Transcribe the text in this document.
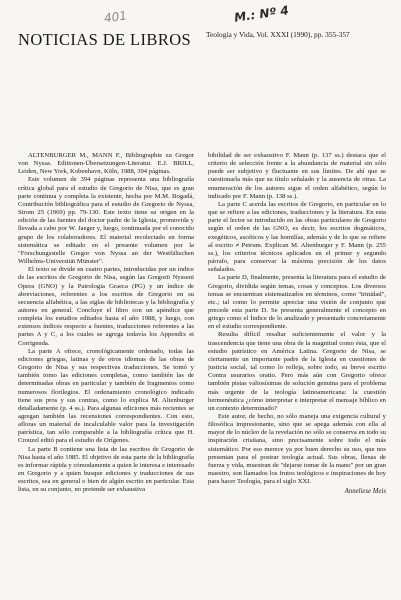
401	M.: Nº 4
NOTICIAS DE LIBROS Teología y Vida, Vol. XXXI (1990), pp. 355-357

ALTENBURGER M., MANN F., Bibliographie zu Gregor von Nyssa. Editionen-Übersetzungen-Literatur. E.J. BRILL, Leiden, New York, Kobenhavn, Köln, 1988, 394 páginas.

Este volumen de 394 páginas representa una bibliografía crítica global para el estudio de Gregorio de Nisa, que es gran parte continua y completa la existente, hecha por M.M. Bogadá, Contribución bibliográfica para el estudio de Gregorio de Nyssa, Strom 25 (1969) pp. 79-130. Este texto tiene su origen en la edición de las fuentes del doctor padre de la Iglesia, promovida y llevada a cabo por W. Jaeger y, luego, continuada por el conocido grupo de los colaboradores. El material recolectado en forma sistemática se editado en el presente volumen por la "Forschungsstelle Gregor von Nyssa an der Westfälischen Wilhelms-Universität Münster".

El texto se divide en cuatro partes, introducidas por un índice de las escritos de Gregorio de Nisa, según las Gregorii Nysseni Opera (GNO) y la Patrologia Graeca (PG) y un índice de abreviaciones, referentes a los escritos de Gregorio en su secuencia alfabética, a las siglas de bibliotecas y la bibliografía y autores en general. Concluye el libro con un apéndice que completa los estudios editados hasta el año 1988, y luego, con extensos índices respecto a fuentes, traducciones referentes a las partes A y C, a los cuales se agrega todavía los Appendix et Corrigenda.

La parte A ofrece, cronológicamente ordenado, todas las ediciones griegas, latinas y de otros idiomas de las obras de Gregorio de Nisa y sus respectivas traducciones. Se tomó y también tomo las ediciones completas, como también las de determinadas obras en particular y también de fragmentos como numerosos florilegios. El ordenamiento cronológico indicado tiene sus pros y sus contras, como lo explica M. Altenburger detalladamente (p. 4 ss.). Para algunas ediciones más recientes se agregan también las recensiones correspondientes. Con esto, afloras un material de incalculable valor para la investigación patrística, tan sólo comparable a la bibliografía crítica que H. Crouzel editó para el estudio de Orígenes.

La parte B contiene una lista de las escritos de Gregorio de Nisa hasta el año 1985. El objetivo de esta parte de la bibliografía es informar rápida y cómodamente a quien le interesa e interesado en Gregorio y a quien busque ediciones y traducciones de sus escritos, sea en general o bien de algún escrito en particular. Esta lista, en su conjunto, no pretende ser exhaustiva

bibilidad de ser exhaustivo F. Mann (p. 137 ss.) destaca que el criterio de selección frente a la abundancia de material sin sólo puede ser subjetivo y fluctuante en sus límites. De ahí que se cuestionarla más que su título señalado y la ausencia de otras. La enumeración de los autores sigue el orden alfabético, según lo indicado por F. Mann (p. 138 ss.).

La parte C acerda las escritos de Gregorio, en particular en lo que se refiere a las ediciones, traducciones y la literatura. En esta parte el lector se introducido en las obras particulares de Gregorio según el orden de las GNO, es decir, los escritos dogmáticos, exegéticos, ascéticos y las homilías, además y de lo que se refiere al escrito ≠ Petrum. Explican M. Altenburger y F. Mann (p. 255 ss.), los criterios técnicos aplicados en el primer y segundo párrafo, para conservar la máxima precisión de los datos señalados.

La parte D, finalmente, presenta la literatura para el estudio de Gregorio, dividida según temas, cosas y conceptos. Los diversos temas se encuentran sistematizados en términos, como "trinidad", etc.; tal como lo permite apreciar una visión de conjunto que precede esta parte D. Se presenta generalmente el concepto en griego como el Índice de lo analizado y presentado concretamente en el estudio correspondiente.

Resulta difícil resaltar suficientemente el valor y la trascendencia que tiene una obra de la magnitud como ésta, que el estudio patrístico en América Latina. Gregorio de Nisa, se ciertamente un importante padre de la Iglesia en cuestiones de justicia social, tal como lo refleja, sobre todo, su breve escrito Contra usurarios oratio. Pero más aún con Gregorio ofrece también pistas valiosísimas de solución genuina para el problema más urgente de la teología latinoamericana: la cuestión hermenéutica ¿cómo interpretar e interpretar el mensaje bíblico en un contexto determinado?

Este autor, de hecho, no sólo maneja una exigencia cultural y filosófica impresionante, sino que se apega además con ella al mayor de lo núcleo de la revelación no sólo se conserva en todo su inspiración cristiana, sino precisamente sobre todo el más sistemático. Por eso merece ya por buen derecho su uso, que nos presentan para el postrar teología actual. Sus obras, llenas de fuerza y vida, muestran de "dejarse tomar de la mano" por un gran maestro, son llamados los frutos teológicos e inspiraciones de hoy para hacer Teología, para el siglo XXI.

Anneliese Meis
